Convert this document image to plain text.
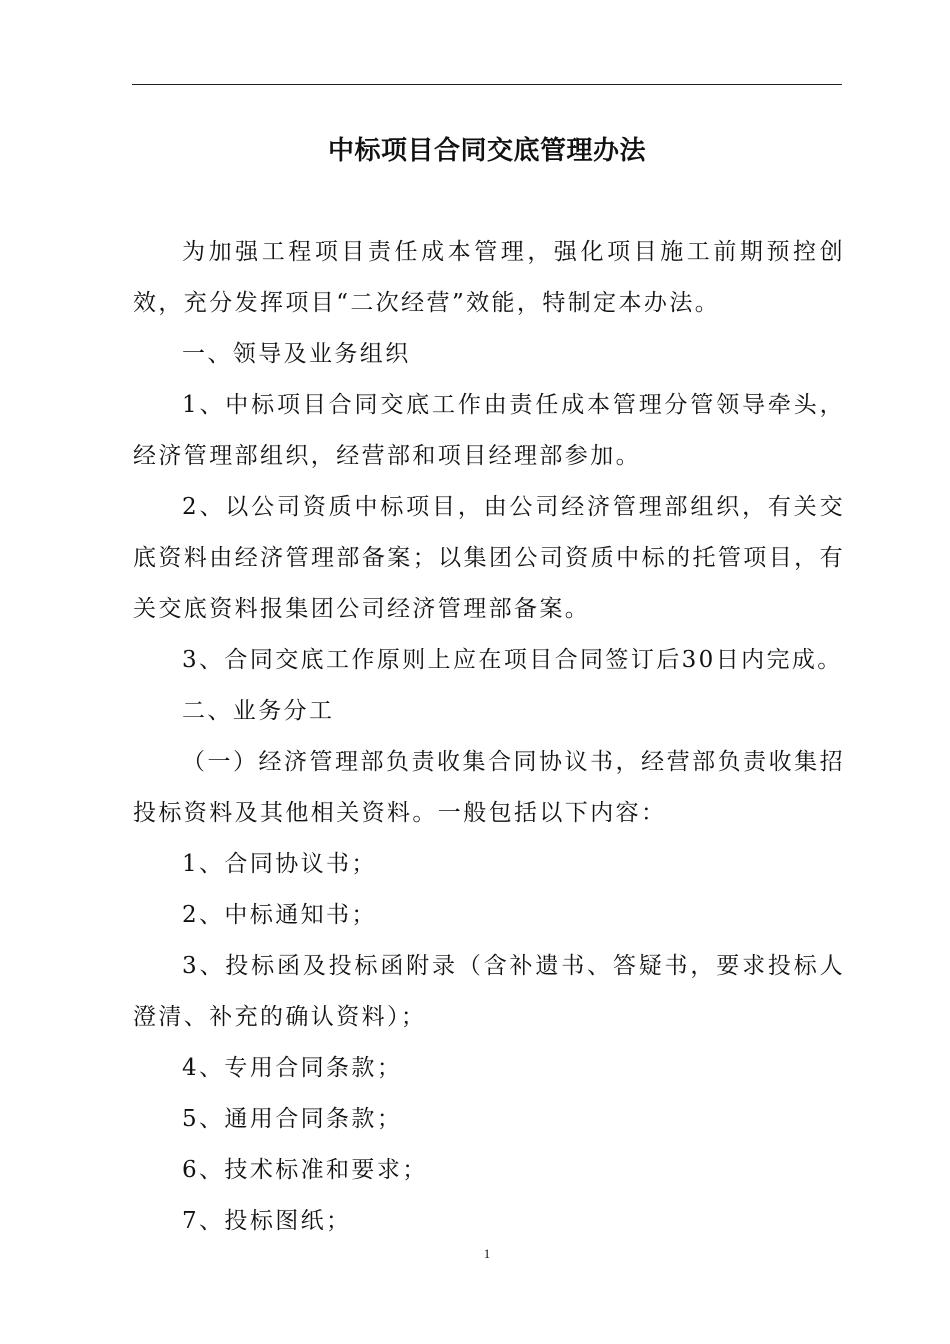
中标项目合同交底管理办法

为加强工程项目责任成本管理，强化项目施工前期预控创效，充分发挥项目“二次经营”效能，特制定本办法。

一、领导及业务组织

1、中标项目合同交底工作由责任成本管理分管领导牵头，经济管理部组织，经营部和项目经理部参加。

2、以公司资质中标项目，由公司经济管理部组织，有关交底资料由经济管理部备案；以集团公司资质中标的托管项目，有关交底资料报集团公司经济管理部备案。

3、合同交底工作原则上应在项目合同签订后30日内完成。

二、业务分工

（一）经济管理部负责收集合同协议书，经营部负责收集招投标资料及其他相关资料。一般包括以下内容：

1、合同协议书；

2、中标通知书；

3、投标函及投标函附录（含补遗书、答疑书，要求投标人澄清、补充的确认资料）；

4、专用合同条款；

5、通用合同条款；

6、技术标准和要求；

7、投标图纸；

1
